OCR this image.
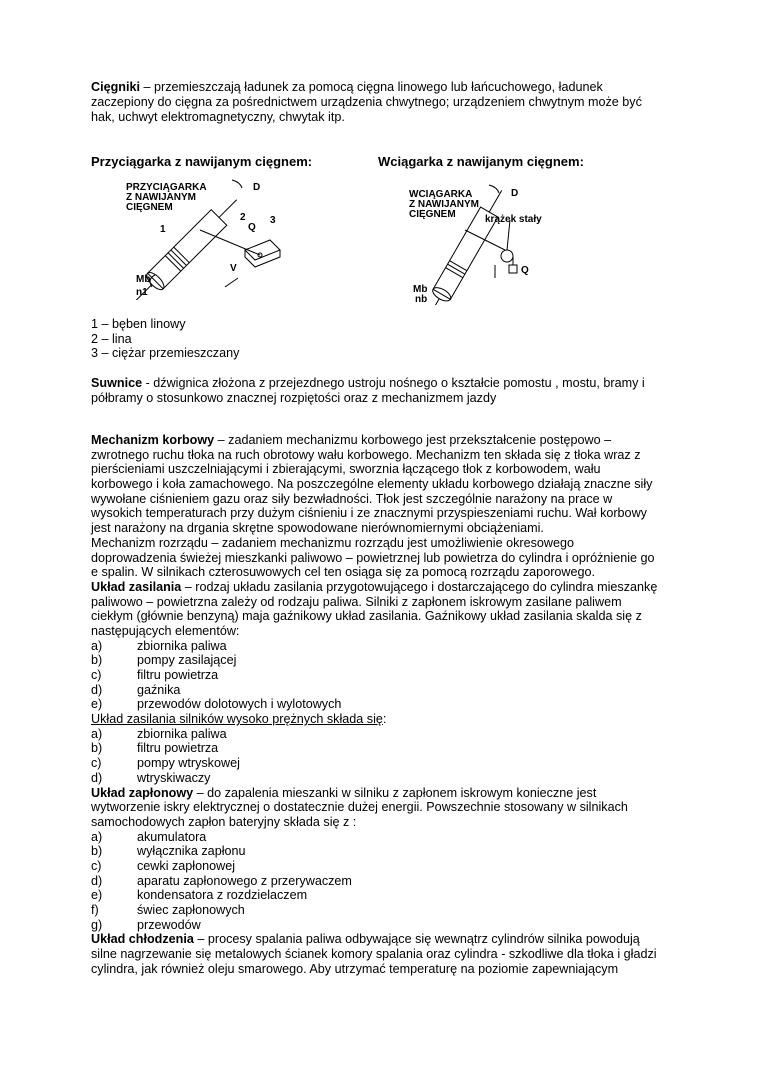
Cięgniki – przemieszczają ładunek za pomocą cięgna linowego lub łańcuchowego, ładunek
zaczepiony do cięgna za pośrednictwem urządzenia chwytnego; urządzeniem chwytnym może być
hak, uchwyt elektromagnetyczny, chwytak itp.
Przyciągarka z nawijanym cięgnem:	Wciągarka z nawijanym cięgnem:
PRZYCIĄGARKA
Z NAWIJANYM
CIĘGNEM
D
1
2 3
Q
V
Mb
n1
WCIĄGARKA
Z NAWIJANYM
CIĘGNEM
D
krążek stały
Q
Mb
nb
1 – bęben linowy
2 – lina
3 – ciężar przemieszczany
Suwnice - dźwignica złożona z przejezdnego ustroju nośnego o kształcie pomostu , mostu, bramy i
półbramy o stosunkowo znacznej rozpiętości oraz z mechanizmem jazdy
Mechanizm korbowy – zadaniem mechanizmu korbowego jest przekształcenie postępowo –
zwrotnego ruchu tłoka na ruch obrotowy wału korbowego. Mechanizm ten składa się z tłoka wraz z
pierścieniami uszczelniającymi i zbierającymi, sworznia łączącego tłok z korbowodem, wału
korbowego i koła zamachowego. Na poszczególne elementy układu korbowego działają znaczne siły
wywołane ciśnieniem gazu oraz siły bezwładności. Tłok jest szczególnie narażony na prace w
wysokich temperaturach przy dużym ciśnieniu i ze znacznymi przyspieszeniami ruchu. Wał korbowy
jest narażony na drgania skrętne spowodowane nierównomiernymi obciążeniami.
Mechanizm rozrządu – zadaniem mechanizmu rozrządu jest umożliwienie okresowego
doprowadzenia świeżej mieszkanki paliwowo – powietrznej lub powietrza do cylindra i opróżnienie go
e spalin. W silnikach czterosuwowych cel ten osiąga się za pomocą rozrządu zaporowego.
Układ zasilania – rodzaj układu zasilania przygotowującego i dostarczającego do cylindra mieszankę
paliwowo – powietrzna zależy od rodzaju paliwa. Silniki z zapłonem iskrowym zasilane paliwem
ciekłym (głównie benzyną) maja gaźnikowy układ zasilania. Gaźnikowy układ zasilania skalda się z
następujących elementów:
a)	zbiornika paliwa
b)	pompy zasilającej
c)	filtru powietrza
d)	gaźnika
e)	przewodów dolotowych i wylotowych
Układ zasilania silników wysoko prężnych składa się:
a)	zbiornika paliwa
b)	filtru powietrza
c)	pompy wtryskowej
d)	wtryskiwaczy
Układ zapłonowy – do zapalenia mieszanki w silniku z zapłonem iskrowym konieczne jest
wytworzenie iskry elektrycznej o dostatecznie dużej energii. Powszechnie stosowany w silnikach
samochodowych zapłon bateryjny składa się z :
a)	akumulatora
b)	wyłącznika zapłonu
c)	cewki zapłonowej
d)	aparatu zapłonowego z przerywaczem
e)	kondensatora z rozdzielaczem
f)	świec zapłonowych
g)	przewodów
Układ chłodzenia – procesy spalania paliwa odbywające się wewnątrz cylindrów silnika powodują
silne nagrzewanie się metalowych ścianek komory spalania oraz cylindra - szkodliwe dla tłoka i gładzi
cylindra, jak również oleju smarowego. Aby utrzymać temperaturę na poziomie zapewniającym
